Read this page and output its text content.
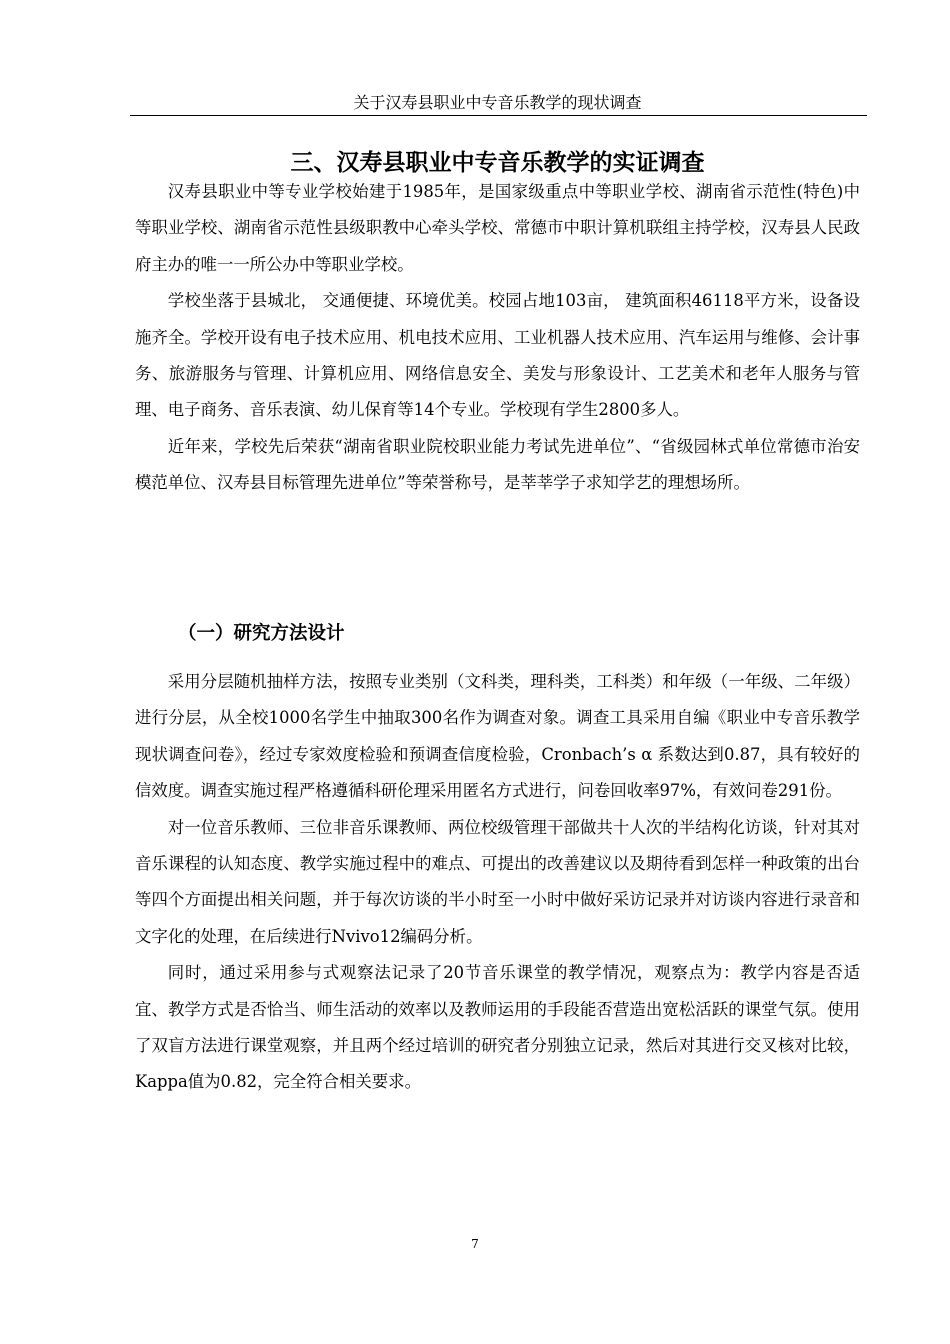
关于汉寿县职业中专音乐教学的现状调查
三、汉寿县职业中专音乐教学的实证调查

汉寿县职业中等专业学校始建于1985年，是国家级重点中等职业学校、湖南省示范性(特色)中等职业学校、湖南省示范性县级职教中心牵头学校、常德市中职计算机联组主持学校，汉寿县人民政府主办的唯一一所公办中等职业学校。

学校坐落于县城北， 交通便捷、环境优美。校园占地103亩， 建筑面积46118平方米，设备设施齐全。学校开设有电子技术应用、机电技术应用、工业机器人技术应用、汽车运用与维修、会计事务、旅游服务与管理、计算机应用、网络信息安全、美发与形象设计、工艺美术和老年人服务与管理、电子商务、音乐表演、幼儿保育等14个专业。学校现有学生2800多人。

近年来，学校先后荣获“湖南省职业院校职业能力考试先进单位”、“省级园林式单位常德市治安模范单位、汉寿县目标管理先进单位”等荣誉称号，是莘莘学子求知学艺的理想场所。

（一）研究方法设计

采用分层随机抽样方法，按照专业类别（文科类，理科类，工科类）和年级（一年级、二年级）进行分层，从全校1000名学生中抽取300名作为调查对象。调查工具采用自编《职业中专音乐教学现状调查问卷》，经过专家效度检验和预调查信度检验，Cronbach’s α 系数达到0.87，具有较好的信效度。调查实施过程严格遵循科研伦理采用匿名方式进行，问卷回收率97%，有效问卷291份。

对一位音乐教师、三位非音乐课教师、两位校级管理干部做共十人次的半结构化访谈，针对其对音乐课程的认知态度、教学实施过程中的难点、可提出的改善建议以及期待看到怎样一种政策的出台等四个方面提出相关问题，并于每次访谈的半小时至一小时中做好采访记录并对访谈内容进行录音和文字化的处理，在后续进行Nvivo12编码分析。

同时，通过采用参与式观察法记录了20节音乐课堂的教学情况，观察点为：教学内容是否适宜、教学方式是否恰当、师生活动的效率以及教师运用的手段能否营造出宽松活跃的课堂气氛。使用了双盲方法进行课堂观察，并且两个经过培训的研究者分别独立记录，然后对其进行交叉核对比较，Kappa值为0.82，完全符合相关要求。

7
